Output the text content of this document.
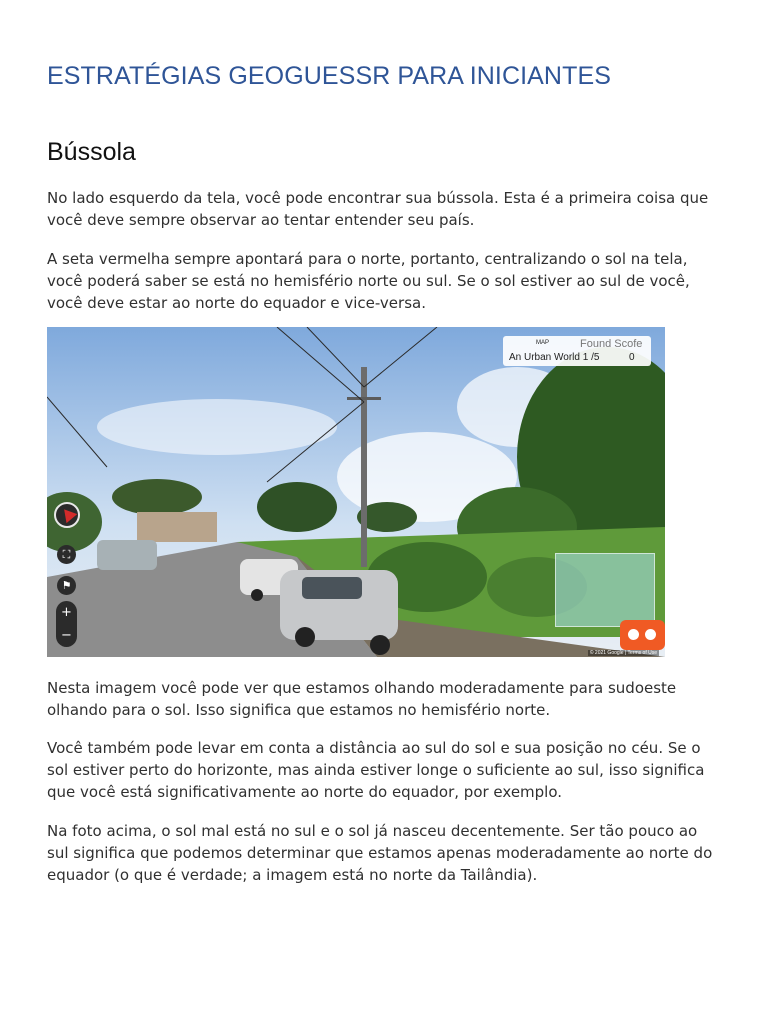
ESTRATÉGIAS GEOGUESSR PARA INICIANTES
Bússola

No lado esquerdo da tela, você pode encontrar sua bússola. Esta é a primeira coisa que você deve sempre observar ao tentar entender seu país.

A seta vermelha sempre apontará para o norte, portanto, centralizando o sol na tela, você poderá saber se está no hemisfério norte ou sul. Se o sol estiver ao sul de você, você deve estar ao norte do equador e vice-versa.

Nesta imagem você pode ver que estamos olhando moderadamente para sudoeste olhando para o sol. Isso significa que estamos no hemisfério norte.

Você também pode levar em conta a distância ao sul do sol e sua posição no céu. Se o sol estiver perto do horizonte, mas ainda estiver longe o suficiente ao sul, isso significa que você está significativamente ao norte do equador, por exemplo.

Na foto acima, o sol mal está no sul e o sol já nasceu decentemente. Ser tão pouco ao sul significa que podemos determinar que estamos apenas moderadamente ao norte do equador (o que é verdade; a imagem está no norte da Tailândia).

⛶
⚑
+
−
MAP	Found Scofe
An Urban World 1 /5	0
© 2021 Google | Terms of Use
